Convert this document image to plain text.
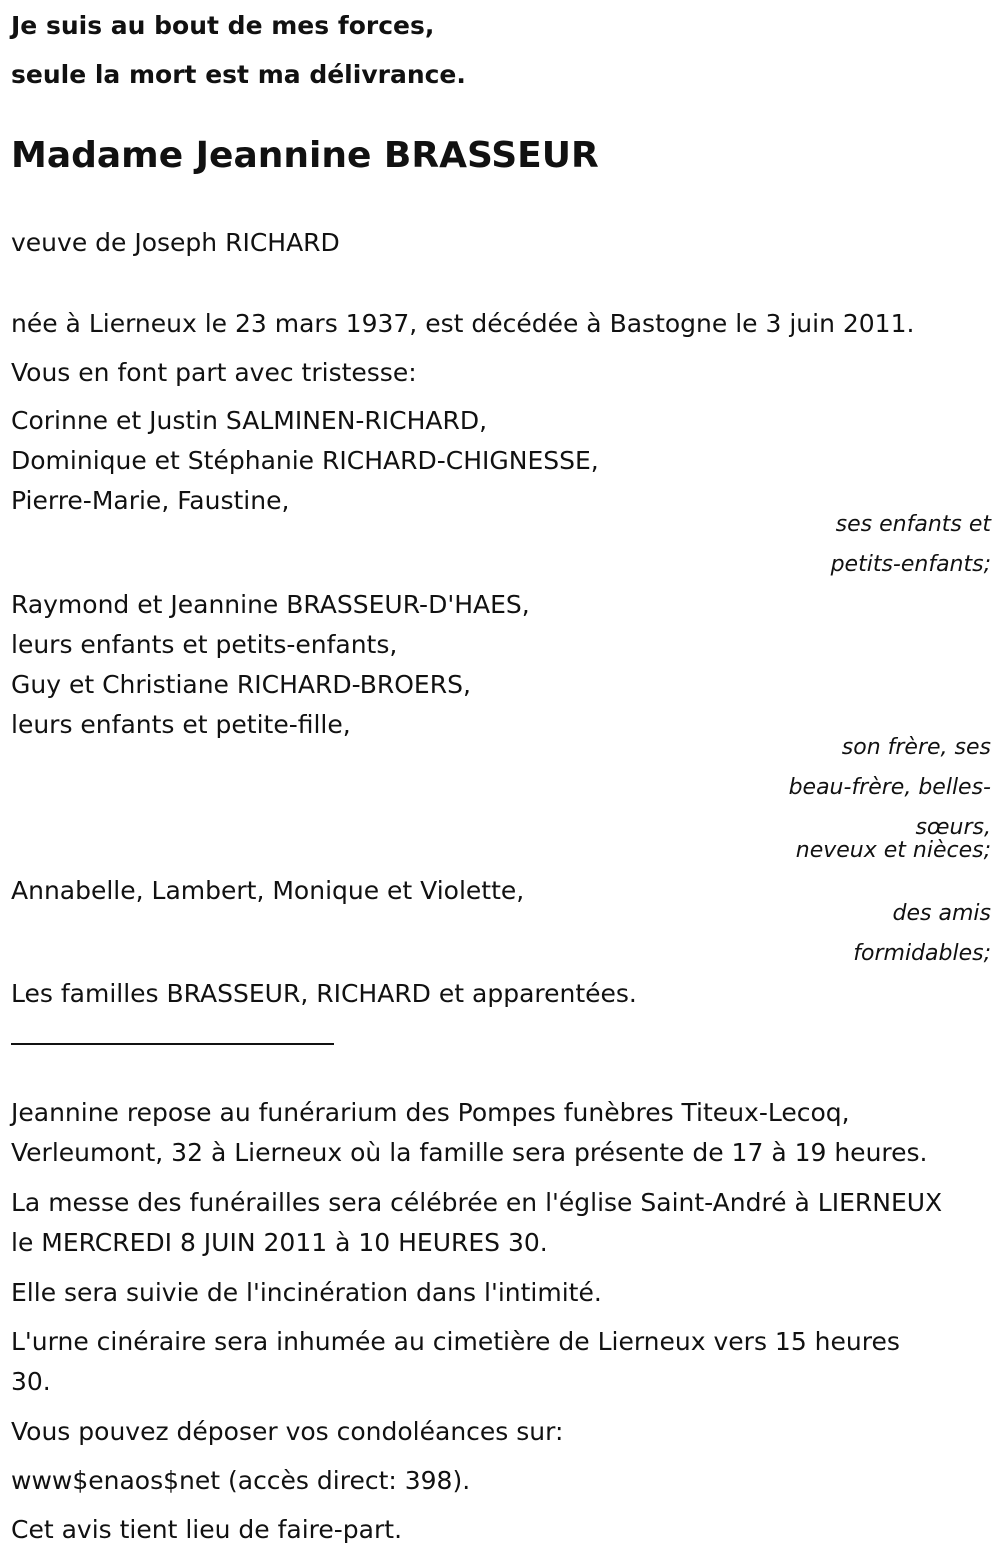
Je suis au bout de mes forces,

seule la mort est ma délivrance.

Madame Jeannine BRASSEUR

veuve de Joseph RICHARD

née à Lierneux le 23 mars 1937, est décédée à Bastogne le 3 juin 2011.

Vous en font part avec tristesse:

Corinne et Justin SALMINEN-RICHARD,

Dominique et Stéphanie RICHARD-CHIGNESSE,

Pierre-Marie, Faustine,

ses enfants et

petits-enfants;

Raymond et Jeannine BRASSEUR-D'HAES,

leurs enfants et petits-enfants,

Guy et Christiane RICHARD-BROERS,

leurs enfants et petite-fille,

son frère, ses

beau-frère, belles-

sœurs,

neveux et nièces;

Annabelle, Lambert, Monique et Violette,

des amis

formidables;

Les familles BRASSEUR, RICHARD et apparentées.

Jeannine repose au funérarium des Pompes funèbres Titeux-Lecoq,

Verleumont, 32 à Lierneux où la famille sera présente de 17 à 19 heures.

La messe des funérailles sera célébrée en l'église Saint-André à LIERNEUX

le MERCREDI 8 JUIN 2011 à 10 HEURES 30.

Elle sera suivie de l'incinération dans l'intimité.

L'urne cinéraire sera inhumée au cimetière de Lierneux vers 15 heures

30.

Vous pouvez déposer vos condoléances sur:

www$enaos$net (accès direct: 398).

Cet avis tient lieu de faire-part.
